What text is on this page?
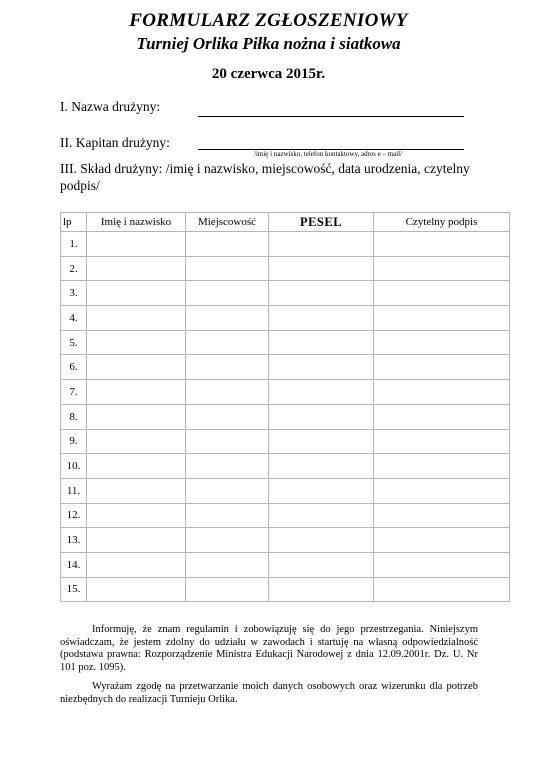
FORMULARZ ZGŁOSZENIOWY
Turniej Orlika Piłka nożna i siatkowa
20 czerwca 2015r.
I. Nazwa drużyny:
II. Kapitan drużyny:
/imię i nazwisko, telefon kontaktowy, adres e – mail/
III. Skład drużyny: /imię i nazwisko, miejscowość, data urodzenia, czytelny podpis/
lp	Imię i nazwisko	Miejscowość	PESEL	Czytelny podpis
1.				
2.				
3.				
4.				
5.				
6.				
7.				
8.				
9.				
10.				
11.				
12.				
13.				
14.				
15.				
Informuję, że znam regulamin i zobowiązuję się do jego przestrzegania. Niniejszym oświadczam, że jestem zdolny do udziału w zawodach i startuję na własną odpowiedzialność (podstawa prawna: Rozporządzenie Ministra Edukacji Narodowej z dnia 12.09.2001r. Dz. U. Nr 101 poz. 1095).
Wyrażam zgodę na przetwarzanie moich danych osobowych oraz wizerunku dla potrzeb niezbędnych do realizacji Turnieju Orlika.
